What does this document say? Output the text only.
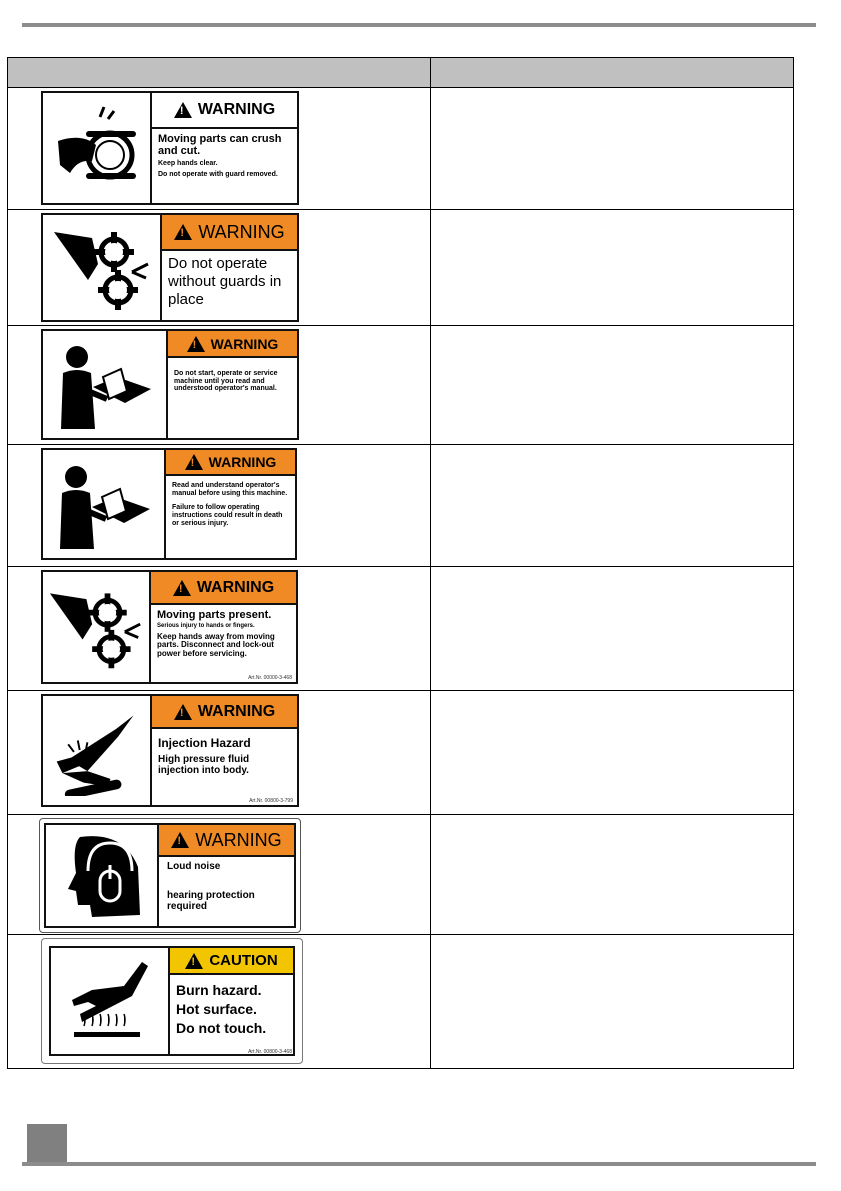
!
WARNING
Moving parts can crush and cut.
Keep hands clear.
Do not operate with guard removed.

!
WARNING
Do not operate without guards in place

!
WARNING
Do not start, operate or service machine until you read and understood operator's manual.

!
WARNING
Read and understand operator's manual before using this machine.
Failure to follow operating instructions could result in death or serious injury.

!
WARNING
Moving parts present.
Serious injury to hands or fingers.
Keep hands away from moving parts. Disconnect and lock-out power before servicing.
Art.Nr. 00000-3-468

!
WARNING
Injection Hazard
High pressure fluid injection into body.
Art.Nr. 00800-3-799

!
WARNING
Loud noise
hearing protection required

!
CAUTION
Burn hazard.
Hot surface.
Do not touch.
Art.Nr. 00800-3-468
